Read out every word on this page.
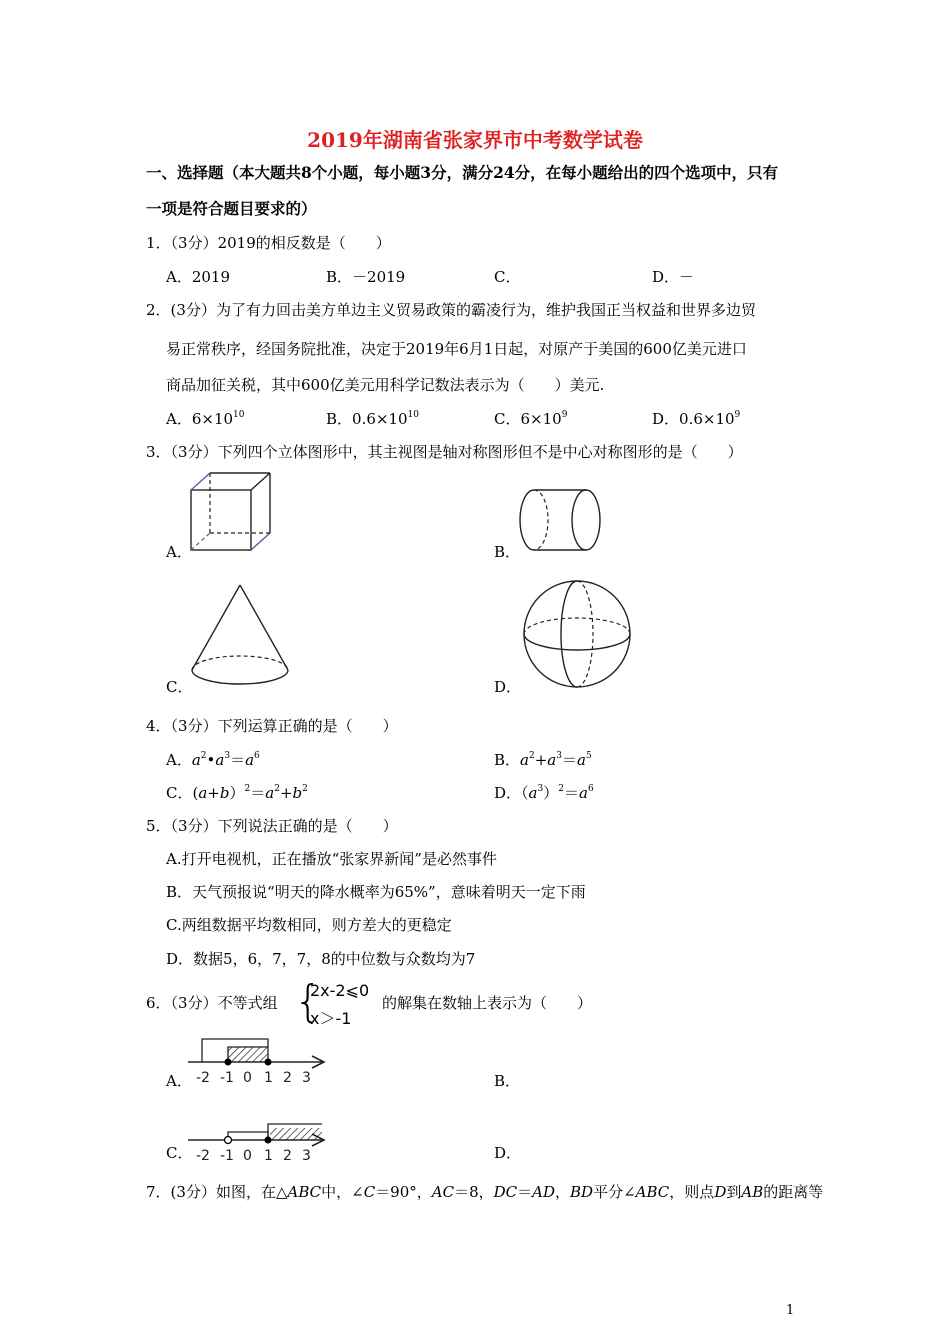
2019年湖南省张家界市中考数学试卷
一、选择题（本大题共8个小题，每小题3分，满分24分，在每小题给出的四个选项中，只有
一项是符合题目要求的）
1．（3分）2019的相反数是（　　）
A．2019	B．－2019	C．	D．－
2．(3分）为了有力回击美方单边主义贸易政策的霸凌行为，维护我国正当权益和世界多边贸
易正常秩序，经国务院批准，决定于2019年6月1日起，对原产于美国的600亿美元进口
商品加征关税，其中600亿美元用科学记数法表示为（　　）美元.
A．$6\times 10^{10}$	B．$0.6\times 10^{10}$	C．$6\times 10^9$	D．$0.6\times 10^9$
3．（3分）下列四个立体图形中，其主视图是轴对称图形但不是中心对称图形的是（　　）
A．	B．
C．	D．
4．（3分）下列运算正确的是（　　）
A．$a^2•a^3=a^6$	B．$a^2+a^3=a^5$
C．$(a+b)^2=a^2+b^2$	D．$(a^3)^2=a^6$
5．（3分）下列说法正确的是（　　）
A.打开电视机，正在播放“张家界新闻”是必然事件
B．天气预报说“明天的降水概率为65%”，意味着明天一定下雨
C.两组数据平均数相同，则方差大的更稳定
D．数据5，6，7，7，8的中位数与众数均为7
6．（3分）不等式组 {
2x-2⩽0
x＞-1
的解集在数轴上表示为（　　）
-2 -1 0 1 2 3
A．	B．
-2 -1 0 1 2 3
C．	D．
7．(3分）如图，在△ABC中，∠C＝90°，AC＝8，DC＝AD，BD平分∠ABC，则点D到AB的距离等
1
